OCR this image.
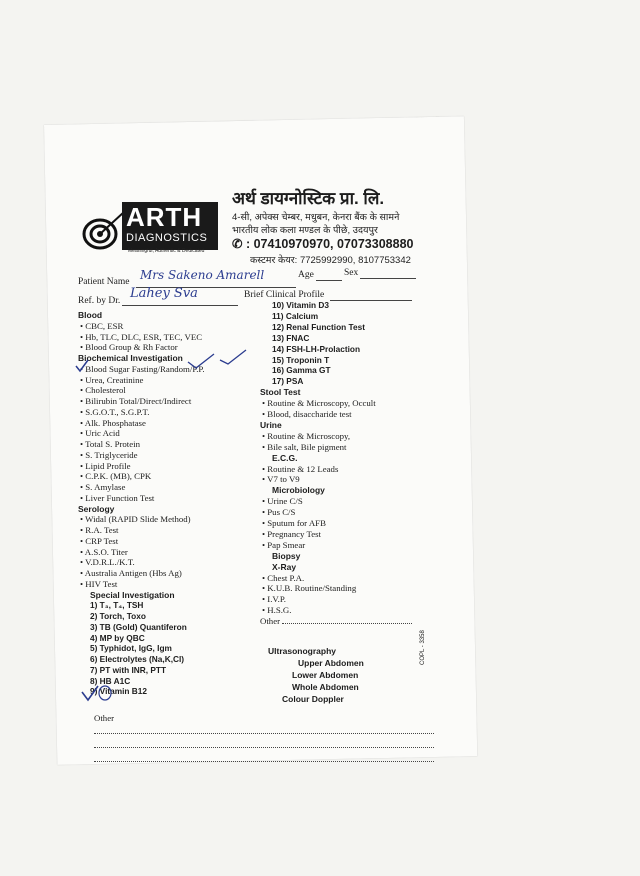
ARTH
DIAGNOSTICS
Meaningful, Authentic & Dedicated
अर्थ डायग्नोस्टिक प्रा. लि.
4-सी, अपेक्स चेम्बर, मधुबन, केनरा बैंक के सामने
भारतीय लोक कला मण्डल के पीछे, उदयपुर
✆ : 07410970970, 07073308880
कस्टमर केयर: 7725992990, 8107753342
Patient Name Mrs Sakeno Amarell	Age	Sex
Ref. by Dr. Lahey Sva	Brief Clinical Profile
Blood
• CBC, ESR
• Hb, TLC, DLC, ESR, TEC, VEC
• Blood Group & Rh Factor
Biochemical Investigation
• Blood Sugar Fasting/Random/P.P.
• Urea, Creatinine
• Cholesterol
• Bilirubin Total/Direct/Indirect
• S.G.O.T., S.G.P.T.
• Alk. Phosphatase
• Uric Acid
• Total S. Protein
• S. Triglyceride
• Lipid Profile
• C.P.K. (MB), CPK
• S. Amylase
• Liver Function Test
Serology
• Widal (RAPID Slide Method)
• R.A. Test
• CRP Test
• A.S.O. Titer
• V.D.R.L./K.T.
• Australia Antigen (Hbs Ag)
• HIV Test
Special Investigation
1) T₃, T₄, TSH
2) Torch, Toxo
3) TB (Gold) Quantiferon
4) MP by QBC
5) Typhidot, IgG, Igm
6) Electrolytes (Na,K,Cl)
7) PT with INR, PTT
8) HB A1C
9) Vitamin B12
10) Vitamin D3
11) Calcium
12) Renal Function Test
13) FNAC
14) FSH-LH-Prolaction
15) Troponin T
16) Gamma GT
17) PSA
Stool Test
• Routine & Microscopy, Occult
• Blood, disaccharide test
Urine
• Routine & Microscopy,
• Bile salt, Bile pigment
E.C.G.
• Routine & 12 Leads
• V7 to V9
Microbiology
• Urine C/S
• Pus C/S
• Sputum for AFB
• Pregnancy Test
• Pap Smear
Biopsy
X-Ray
• Chest P.A.
• K.U.B. Routine/Standing
• I.V.P.
• H.S.G.
Other
Ultrasonography
Upper Abdomen
Lower Abdomen
Whole Abdomen
Colour Doppler
Other
COPL - 3358
